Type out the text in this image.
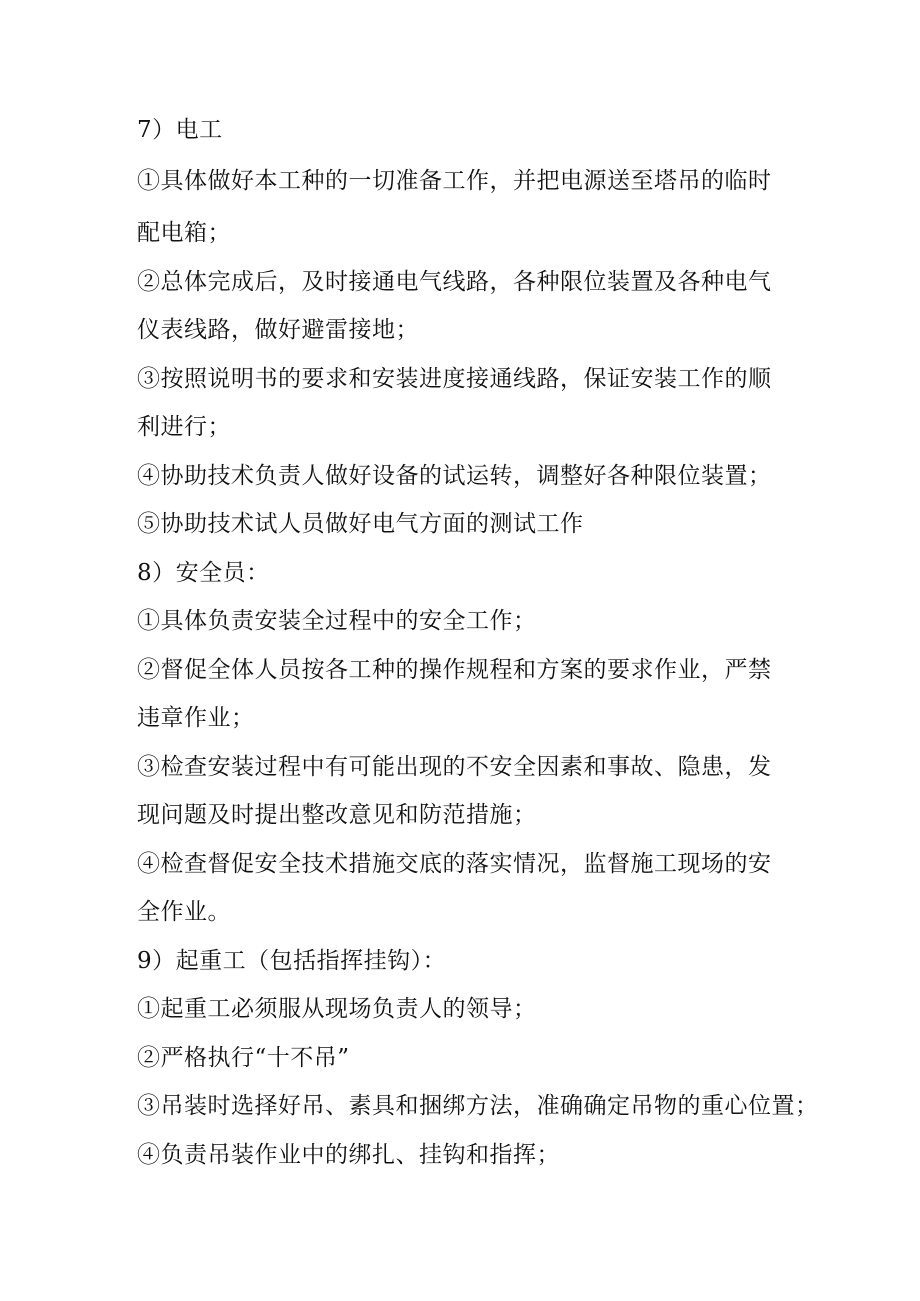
7）电工
①具体做好本工种的一切准备工作，并把电源送至塔吊的临时
配电箱；
②总体完成后，及时接通电气线路，各种限位装置及各种电气
仪表线路，做好避雷接地；
③按照说明书的要求和安装进度接通线路，保证安装工作的顺
利进行；
④协助技术负责人做好设备的试运转，调整好各种限位装置；
⑤协助技术试人员做好电气方面的测试工作
8）安全员：
①具体负责安装全过程中的安全工作；
②督促全体人员按各工种的操作规程和方案的要求作业，严禁
违章作业；
③检查安装过程中有可能出现的不安全因素和事故、隐患，发
现问题及时提出整改意见和防范措施；
④检查督促安全技术措施交底的落实情况，监督施工现场的安
全作业。
9）起重工（包括指挥挂钩）：
①起重工必须服从现场负责人的领导；
②严格执行“十不吊”
③吊装时选择好吊、素具和捆绑方法，准确确定吊物的重心位置；
④负责吊装作业中的绑扎、挂钩和指挥；
